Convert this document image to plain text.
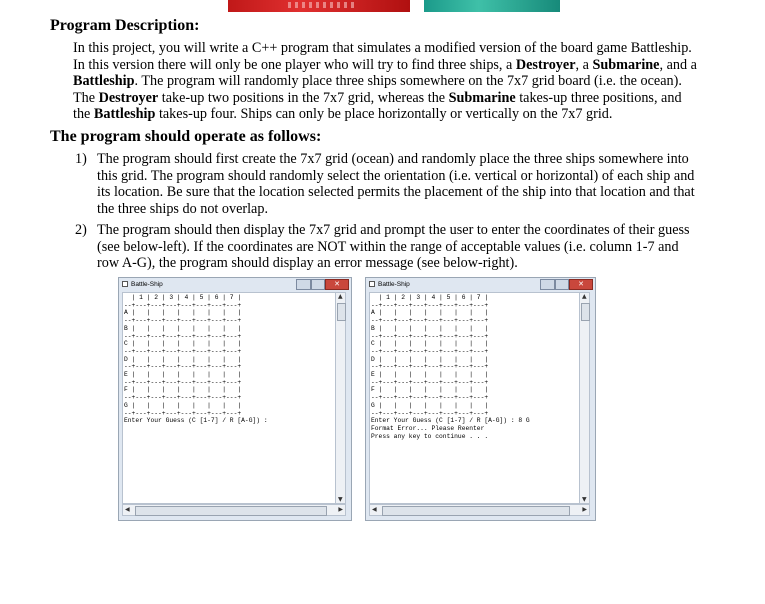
Program Description:
In this project, you will write a C++ program that simulates a modified version of the board game Battleship.
In this version there will only be one player who will try to find three ships, a Destroyer, a Submarine, and a
Battleship. The program will randomly place three ships somewhere on the 7x7 grid board (i.e. the ocean).
The Destroyer take-up two positions in the 7x7 grid, whereas the Submarine takes-up three positions, and
the Battleship takes-up four. Ships can only be place horizontally or vertically on the 7x7 grid.
The program should operate as follows:
1) The program should first create the 7x7 grid (ocean) and randomly place the three ships somewhere into
this grid. The program should randomly select the orientation (i.e. vertical or horizontal) of each ship and
its location. Be sure that the location selected permits the placement of the ship into that location and that
the three ships do not overlap.
2) The program should then display the 7x7 grid and prompt the user to enter the coordinates of their guess
(see below-left). If the coordinates are NOT within the range of acceptable values (i.e. column 1-7 and
row A-G), the program should display an error message (see below-right).
Battle-Ship	✕
| 1 | 2 | 3 | 4 | 5 | 6 | 7 |
--+---+---+---+---+---+---+---+
A |   |   |   |   |   |   |   |
--+---+---+---+---+---+---+---+
B |   |   |   |   |   |   |   |
--+---+---+---+---+---+---+---+
C |   |   |   |   |   |   |   |
--+---+---+---+---+---+---+---+
D |   |   |   |   |   |   |   |
--+---+---+---+---+---+---+---+
E |   |   |   |   |   |   |   |
--+---+---+---+---+---+---+---+
F |   |   |   |   |   |   |   |
--+---+---+---+---+---+---+---+
G |   |   |   |   |   |   |   |
--+---+---+---+---+---+---+---+
Enter Your Guess (C [1-7] / R [A-G]) :
▲
▼
◀	▶
Battle-Ship	✕
| 1 | 2 | 3 | 4 | 5 | 6 | 7 |
--+---+---+---+---+---+---+---+
A |   |   |   |   |   |   |   |
--+---+---+---+---+---+---+---+
B |   |   |   |   |   |   |   |
--+---+---+---+---+---+---+---+
C |   |   |   |   |   |   |   |
--+---+---+---+---+---+---+---+
D |   |   |   |   |   |   |   |
--+---+---+---+---+---+---+---+
E |   |   |   |   |   |   |   |
--+---+---+---+---+---+---+---+
F |   |   |   |   |   |   |   |
--+---+---+---+---+---+---+---+
G |   |   |   |   |   |   |   |
--+---+---+---+---+---+---+---+
Enter Your Guess (C [1-7] / R [A-G]) : 8 G
Format Error... Please Reenter
Press any key to continue . . .
▲
▼
◀	▶
